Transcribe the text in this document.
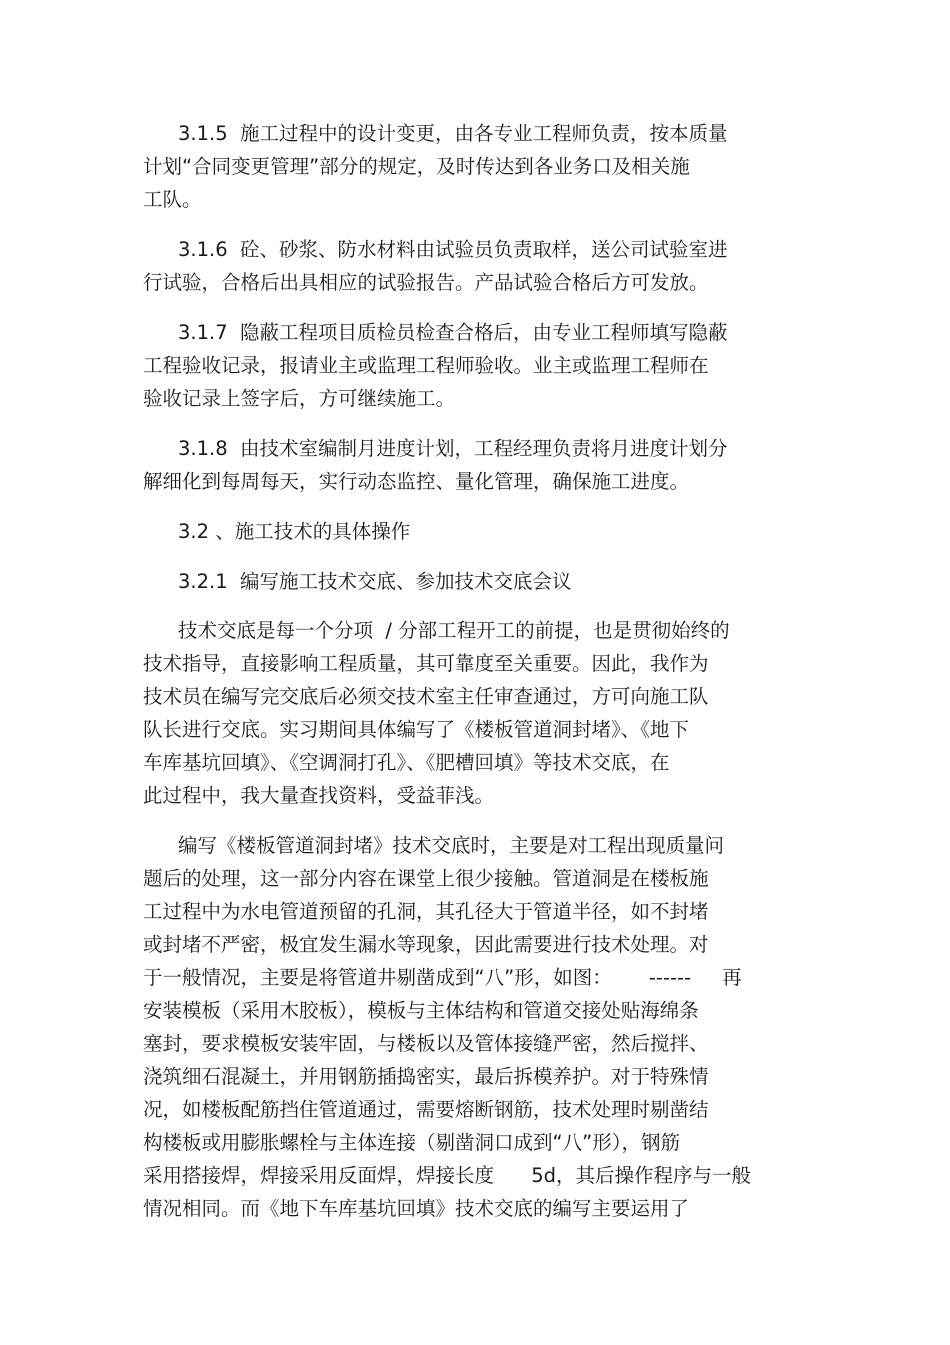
3.1.5  施工过程中的设计变更，由各专业工程师负责，按本质量
计划“合同变更管理”部分的规定，及时传达到各业务口及相关施
工队。
3.1.6  砼、砂浆、防水材料由试验员负责取样，送公司试验室进
行试验，合格后出具相应的试验报告。产品试验合格后方可发放。
3.1.7  隐蔽工程项目质检员检查合格后，由专业工程师填写隐蔽
工程验收记录，报请业主或监理工程师验收。业主或监理工程师在
验收记录上签字后，方可继续施工。
3.1.8  由技术室编制月进度计划，工程经理负责将月进度计划分
解细化到每周每天，实行动态监控、量化管理，确保施工进度。
3.2 、施工技术的具体操作
3.2.1  编写施工技术交底、参加技术交底会议
技术交底是每一个分项  / 分部工程开工的前提，也是贯彻始终的
技术指导，直接影响工程质量，其可靠度至关重要。因此，我作为
技术员在编写完交底后必须交技术室主任审查通过，方可向施工队
队长进行交底。实习期间具体编写了《楼板管道洞封堵》、《地下
车库基坑回填》、《空调洞打孔》、《肥槽回填》等技术交底，在
此过程中，我大量查找资料，受益菲浅。
编写《楼板管道洞封堵》技术交底时，主要是对工程出现质量问
题后的处理，这一部分内容在课堂上很少接触。管道洞是在楼板施
工过程中为水电管道预留的孔洞，其孔径大于管道半径，如不封堵
或封堵不严密，极宜发生漏水等现象，因此需要进行技术处理。对
于一般情况，主要是将管道井剔凿成到“八”形，如图：      ------     再
安装模板（采用木胶板），模板与主体结构和管道交接处贴海绵条
塞封，要求模板安装牢固，与楼板以及管体接缝严密，然后搅拌、
浇筑细石混凝土，并用钢筋插捣密实，最后拆模养护。对于特殊情
况，如楼板配筋挡住管道通过，需要熔断钢筋，技术处理时剔凿结
构楼板或用膨胀螺栓与主体连接（剔凿洞口成到“八”形），钢筋
采用搭接焊，焊接采用反面焊，焊接长度      5d，其后操作程序与一般
情况相同。而《地下车库基坑回填》技术交底的编写主要运用了
